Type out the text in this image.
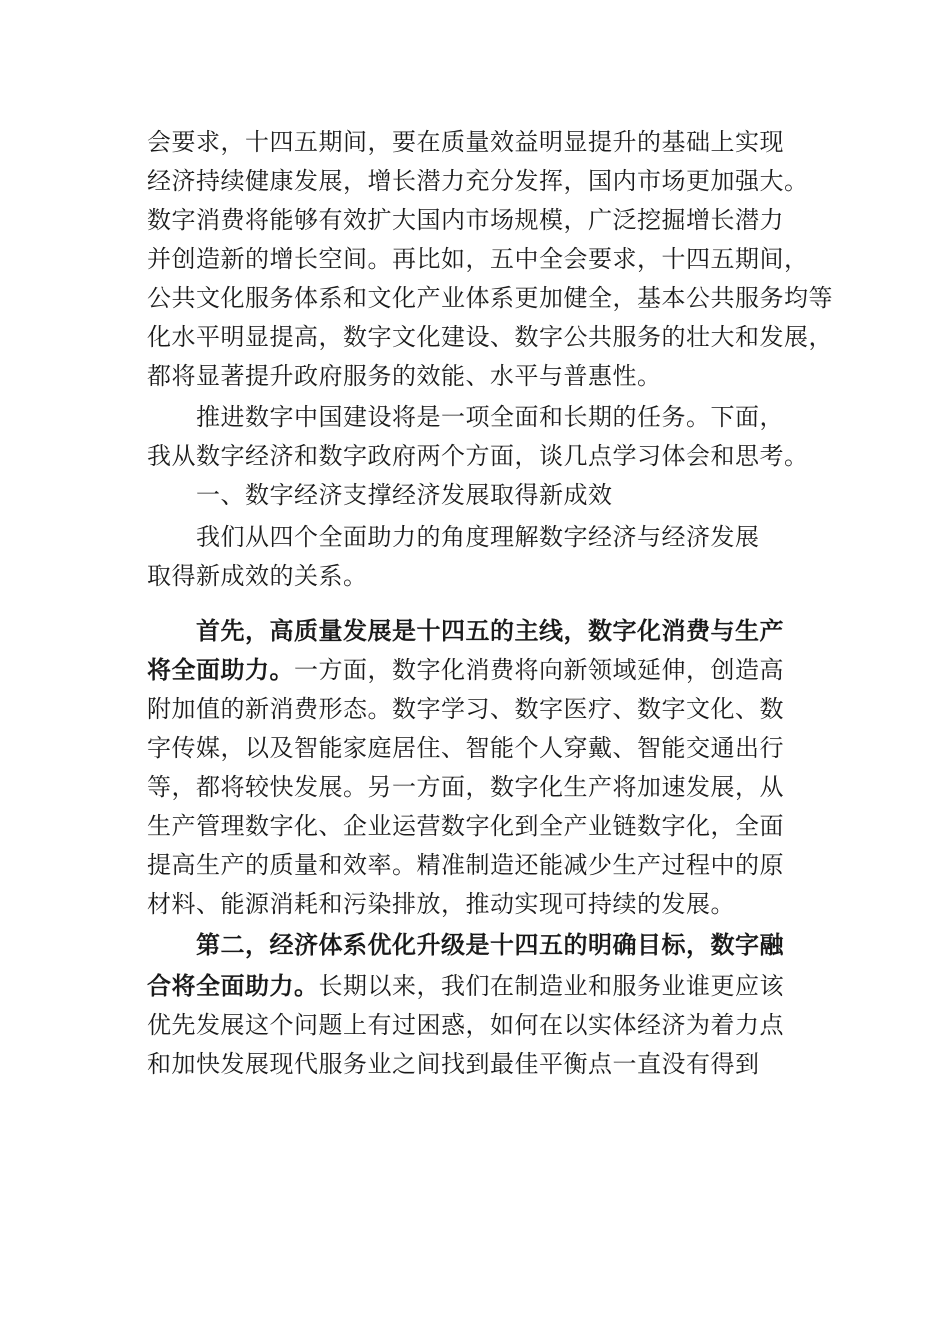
会要求，十四五期间，要在质量效益明显提升的基础上实现
经济持续健康发展，增长潜力充分发挥，国内市场更加强大。
数字消费将能够有效扩大国内市场规模，广泛挖掘增长潜力
并创造新的增长空间。再比如，五中全会要求，十四五期间，
公共文化服务体系和文化产业体系更加健全，基本公共服务均等
化水平明显提高，数字文化建设、数字公共服务的壮大和发展，
都将显著提升政府服务的效能、水平与普惠性。
推进数字中国建设将是一项全面和长期的任务。下面，
我从数字经济和数字政府两个方面，谈几点学习体会和思考。
一、数字经济支撑经济发展取得新成效
我们从四个全面助力的角度理解数字经济与经济发展
取得新成效的关系。
首先，高质量发展是十四五的主线，数字化消费与生产
将全面助力。一方面，数字化消费将向新领域延伸，创造高
附加值的新消费形态。数字学习、数字医疗、数字文化、数
字传媒，以及智能家庭居住、智能个人穿戴、智能交通出行
等，都将较快发展。另一方面，数字化生产将加速发展，从
生产管理数字化、企业运营数字化到全产业链数字化，全面
提高生产的质量和效率。精准制造还能减少生产过程中的原
材料、能源消耗和污染排放，推动实现可持续的发展。
第二，经济体系优化升级是十四五的明确目标，数字融
合将全面助力。长期以来，我们在制造业和服务业谁更应该
优先发展这个问题上有过困惑，如何在以实体经济为着力点
和加快发展现代服务业之间找到最佳平衡点一直没有得到
